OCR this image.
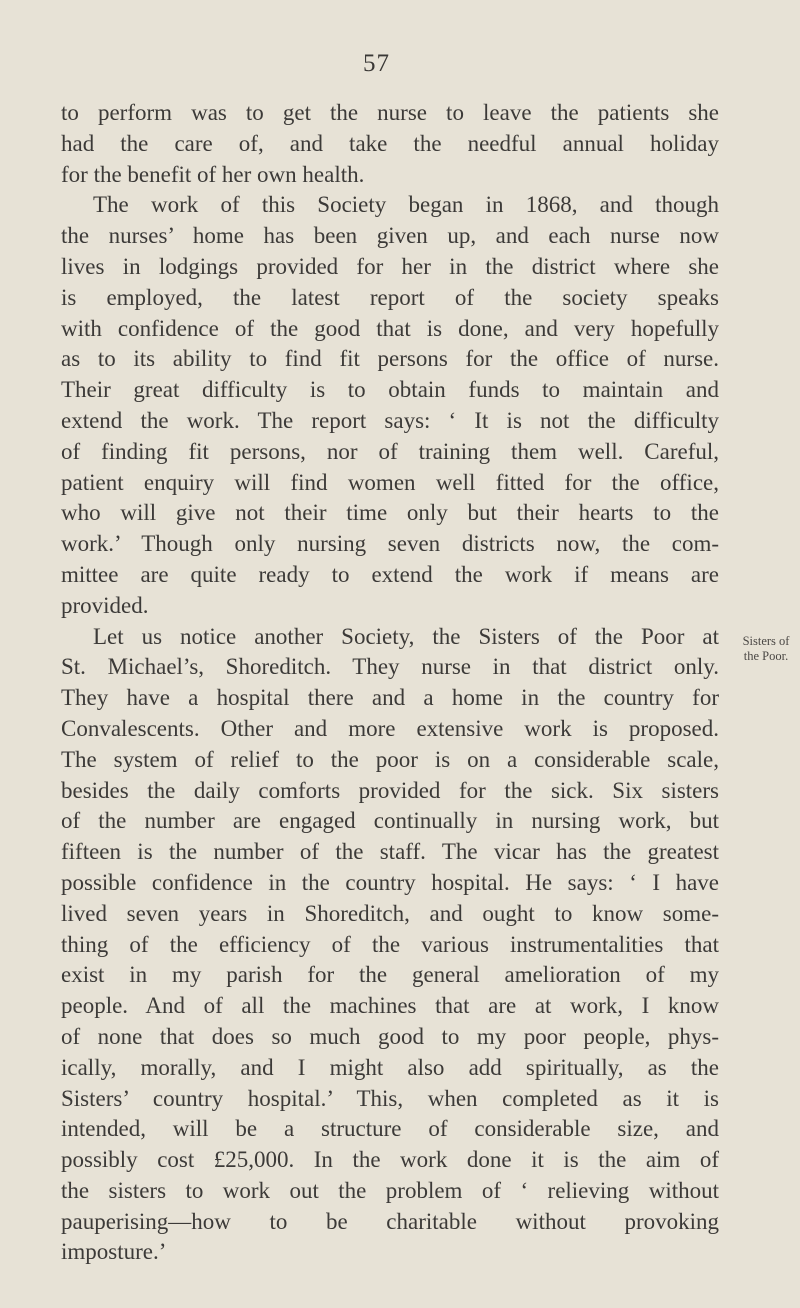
57
to perform was to get the nurse to leave the patients she
had the care of, and take the needful annual holiday
for the benefit of her own health.
The work of this Society began in 1868, and though
the nurses’ home has been given up, and each nurse now
lives in lodgings provided for her in the district where she
is employed, the latest report of the society speaks
with confidence of the good that is done, and very hopefully
as to its ability to find fit persons for the office of nurse.
Their great difficulty is to obtain funds to maintain and
extend the work. The report says: ‘ It is not the difficulty
of finding fit persons, nor of training them well. Careful,
patient enquiry will find women well fitted for the office,
who will give not their time only but their hearts to the
work.’ Though only nursing seven districts now, the com-
mittee are quite ready to extend the work if means are
provided.
Let us notice another Society, the Sisters of the Poor at
St. Michael’s, Shoreditch. They nurse in that district only.
They have a hospital there and a home in the country for
Convalescents. Other and more extensive work is proposed.
The system of relief to the poor is on a considerable scale,
besides the daily comforts provided for the sick. Six sisters
of the number are engaged continually in nursing work, but
fifteen is the number of the staff. The vicar has the greatest
possible confidence in the country hospital. He says: ‘ I have
lived seven years in Shoreditch, and ought to know some-
thing of the efficiency of the various instrumentalities that
exist in my parish for the general amelioration of my
people. And of all the machines that are at work, I know
of none that does so much good to my poor people, phys-
ically, morally, and I might also add spiritually, as the
Sisters’ country hospital.’ This, when completed as it is
intended, will be a structure of considerable size, and
possibly cost £25,000. In the work done it is the aim of
the sisters to work out the problem of ‘ relieving without
pauperising—how to be charitable without provoking
imposture.’
Sisters of
the Poor.
